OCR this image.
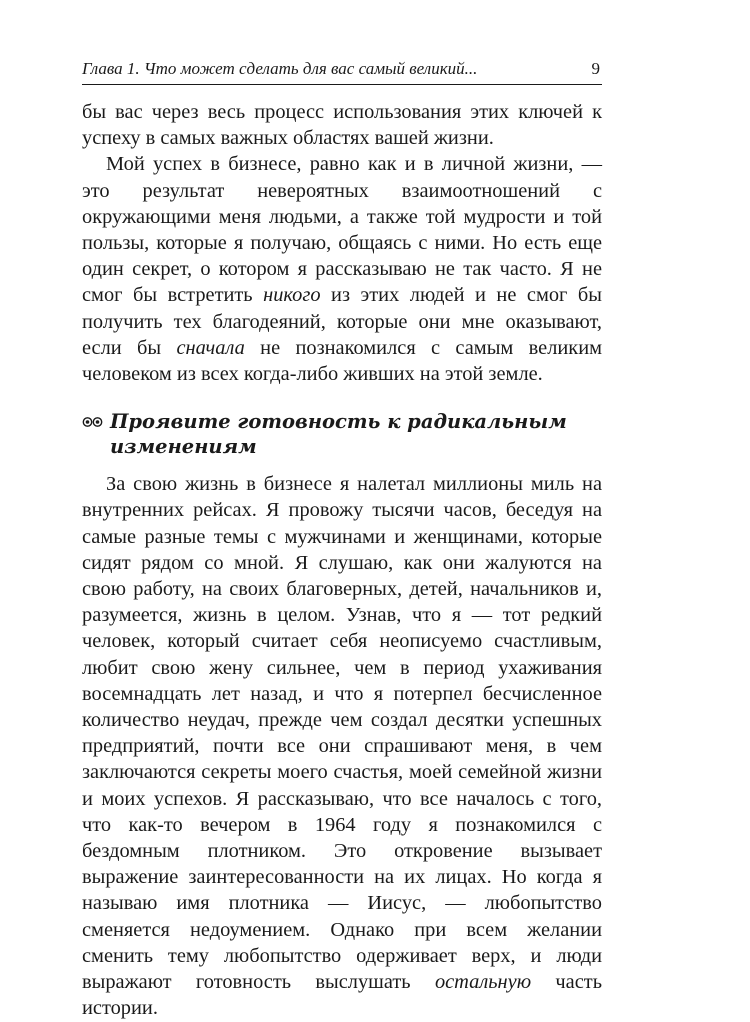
Глава 1. Что может сделать для вас самый великий...	9

бы вас через весь процесс использования этих ключей к успеху в самых важных областях вашей жизни.

Мой успех в бизнесе, равно как и в личной жизни, — это результат невероятных взаимоотношений с окружающими меня людьми, а также той мудрости и той пользы, которые я получаю, общаясь с ними. Но есть еще один секрет, о котором я рассказываю не так часто. Я не смог бы встретить никого из этих людей и не смог бы получить тех благодеяний, которые они мне оказывают, если бы сначала не познакомился с самым великим человеком из всех когда-либо живших на этой земле.

Проявите готовность к радикальным
изменениям

За свою жизнь в бизнесе я налетал миллионы миль на внутренних рейсах. Я провожу тысячи часов, беседуя на самые разные темы с мужчинами и женщинами, которые сидят рядом со мной. Я слушаю, как они жалуются на свою работу, на своих благоверных, детей, начальников и, разумеется, жизнь в целом. Узнав, что я — тот редкий человек, который считает себя неописуемо счастливым, любит свою жену сильнее, чем в период ухаживания восемнадцать лет назад, и что я потерпел бесчисленное количество неудач, прежде чем создал десятки успешных предприятий, почти все они спрашивают меня, в чем заключаются секреты моего счастья, моей семейной жизни и моих успехов. Я рассказываю, что все началось с того, что как-то вечером в 1964 году я познакомился с бездомным плотником. Это откровение вызывает выражение заинтересованности на их лицах. Но когда я называю имя плотника — Иисус, — любопытство сменяется недоумением. Однако при всем желании сменить тему любопытство одерживает верх, и люди выражают готовность выслушать остальную часть истории.
